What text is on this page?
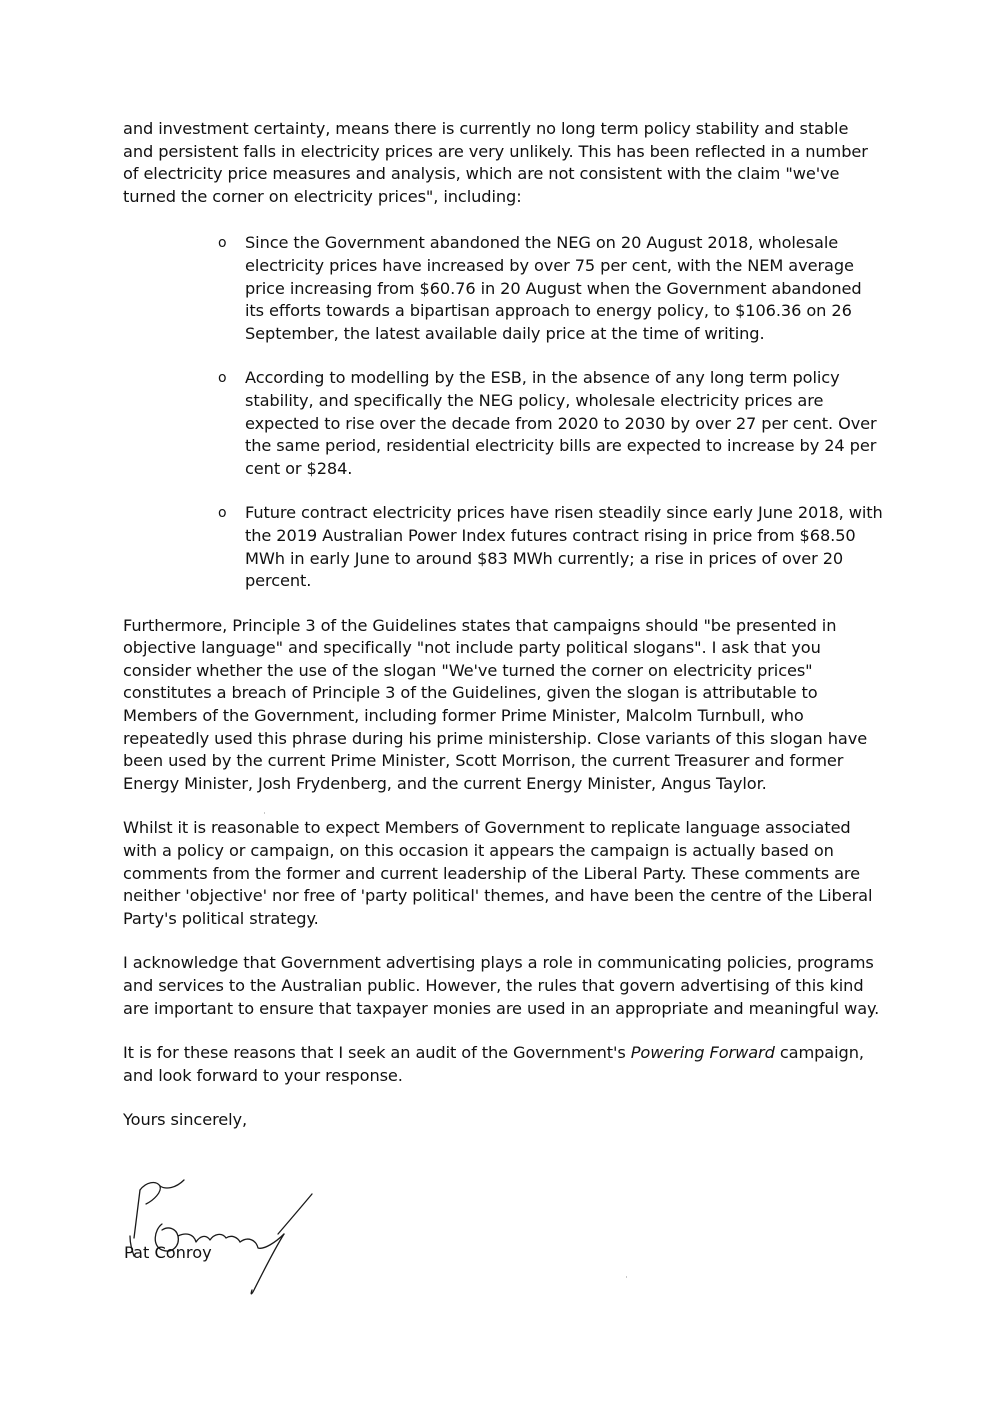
and investment certainty, means there is currently no long term policy stability and stable and persistent falls in electricity prices are very unlikely. This has been reflected in a number of electricity price measures and analysis, which are not consistent with the claim "we've turned the corner on electricity prices", including:

o Since the Government abandoned the NEG on 20 August 2018, wholesale electricity prices have increased by over 75 per cent, with the NEM average price increasing from $60.76 in 20 August when the Government abandoned its efforts towards a bipartisan approach to energy policy, to $106.36 on 26 September, the latest available daily price at the time of writing.
o According to modelling by the ESB, in the absence of any long term policy stability, and specifically the NEG policy, wholesale electricity prices are expected to rise over the decade from 2020 to 2030 by over 27 per cent. Over the same period, residential electricity bills are expected to increase by 24 per cent or $284.
o Future contract electricity prices have risen steadily since early June 2018, with the 2019 Australian Power Index futures contract rising in price from $68.50 MWh in early June to around $83 MWh currently; a rise in prices of over 20 percent.

Furthermore, Principle 3 of the Guidelines states that campaigns should "be presented in objective language" and specifically "not include party political slogans". I ask that you consider whether the use of the slogan "We've turned the corner on electricity prices" constitutes a breach of Principle 3 of the Guidelines, given the slogan is attributable to Members of the Government, including former Prime Minister, Malcolm Turnbull, who repeatedly used this phrase during his prime ministership. Close variants of this slogan have been used by the current Prime Minister, Scott Morrison, the current Treasurer and former Energy Minister, Josh Frydenberg, and the current Energy Minister, Angus Taylor.

Whilst it is reasonable to expect Members of Government to replicate language associated with a policy or campaign, on this occasion it appears the campaign is actually based on comments from the former and current leadership of the Liberal Party. These comments are neither 'objective' nor free of 'party political' themes, and have been the centre of the Liberal Party's political strategy.

I acknowledge that Government advertising plays a role in communicating policies, programs and services to the Australian public. However, the rules that govern advertising of this kind are important to ensure that taxpayer monies are used in an appropriate and meaningful way.

It is for these reasons that I seek an audit of the Government's Powering Forward campaign, and look forward to your response.

Yours sincerely,

Pat Conroy
